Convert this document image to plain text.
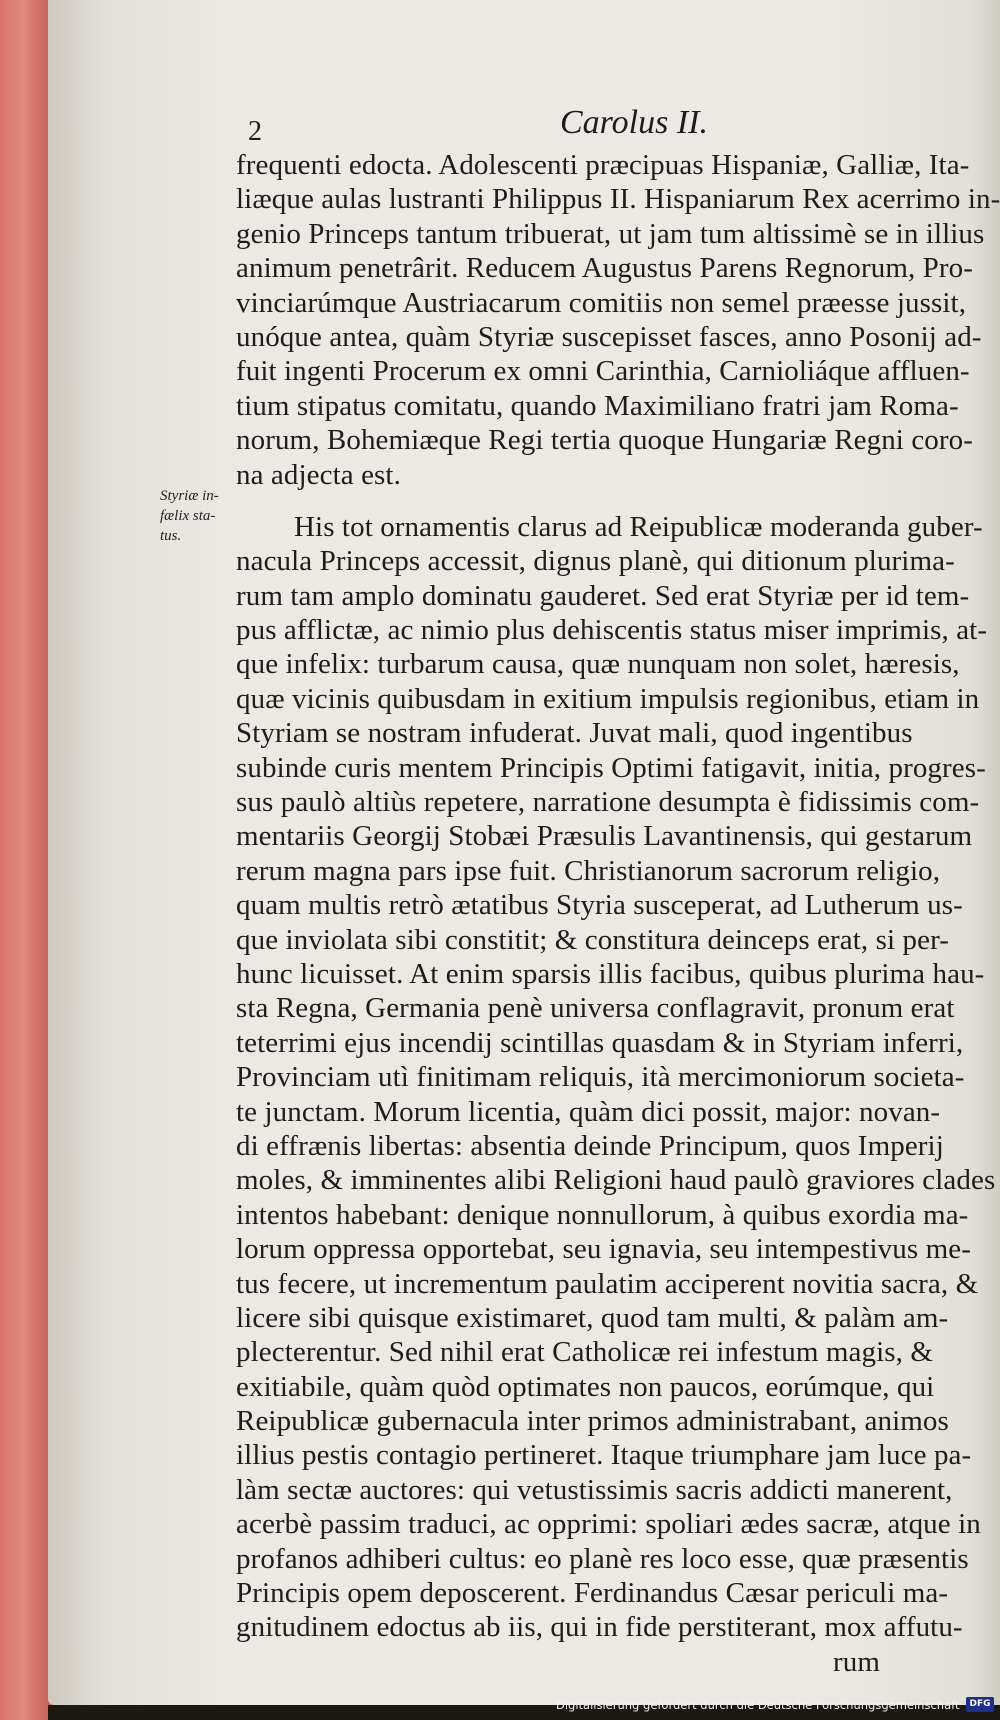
2	Carolus II.
Styriæ in-
fælix sta-
tus.
frequenti edocta. Adolescenti præcipuas Hispaniæ, Galliæ, Ita-
liæque aulas lustranti Philippus II. Hispaniarum Rex acerrimo in-
genio Princeps tantum tribuerat, ut jam tum altissimè se in illius
animum penetrârit. Reducem Augustus Parens Regnorum, Pro-
vinciarúmque Austriacarum comitiis non semel præesse jussit,
unóque antea, quàm Styriæ suscepisset fasces, anno Posonij ad-
fuit ingenti Procerum ex omni Carinthia, Carnioliáque affluen-
tium stipatus comitatu, quando Maximiliano fratri jam Roma-
norum, Bohemiæque Regi tertia quoque Hungariæ Regni coro-
na adjecta est.
His tot ornamentis clarus ad Reipublicæ moderanda guber-
nacula Princeps accessit, dignus planè, qui ditionum plurima-
rum tam amplo dominatu gauderet. Sed erat Styriæ per id tem-
pus afflictæ, ac nimio plus dehiscentis status miser imprimis, at-
que infelix: turbarum causa, quæ nunquam non solet, hæresis,
quæ vicinis quibusdam in exitium impulsis regionibus, etiam in
Styriam se nostram infuderat. Juvat mali, quod ingentibus
subinde curis mentem Principis Optimi fatigavit, initia, progres-
sus paulò altiùs repetere, narratione desumpta è fidissimis com-
mentariis Georgij Stobæi Præsulis Lavantinensis, qui gestarum
rerum magna pars ipse fuit. Christianorum sacrorum religio,
quam multis retrò ætatibus Styria susceperat, ad Lutherum us-
que inviolata sibi constitit; & constitura deinceps erat, si per-
hunc licuisset. At enim sparsis illis facibus, quibus plurima hau-
sta Regna, Germania penè universa conflagravit, pronum erat
teterrimi ejus incendij scintillas quasdam & in Styriam inferri,
Provinciam utì finitimam reliquis, ità mercimoniorum societa-
te junctam. Morum licentia, quàm dici possit, major: novan-
di effrænis libertas: absentia deinde Principum, quos Imperij
moles, & imminentes alibi Religioni haud paulò graviores clades
intentos habebant: denique nonnullorum, à quibus exordia ma-
lorum oppressa opportebat, seu ignavia, seu intempestivus me-
tus fecere, ut incrementum paulatim acciperent novitia sacra, &
licere sibi quisque existimaret, quod tam multi, & palàm am-
plecterentur. Sed nihil erat Catholicæ rei infestum magis, &
exitiabile, quàm quòd optimates non paucos, eorúmque, qui
Reipublicæ gubernacula inter primos administrabant, animos
illius pestis contagio pertineret. Itaque triumphare jam luce pa-
làm sectæ auctores: qui vetustissimis sacris addicti manerent,
acerbè passim traduci, ac opprimi: spoliari ædes sacræ, atque in
profanos adhiberi cultus: eo planè res loco esse, quæ præsentis
Principis opem deposcerent. Ferdinandus Cæsar periculi ma-
gnitudinem edoctus ab iis, qui in fide perstiterant, mox affutu-
rum
Digitalisierung gefördert durch die Deutsche Forschungsgemeinschaft	DFG
